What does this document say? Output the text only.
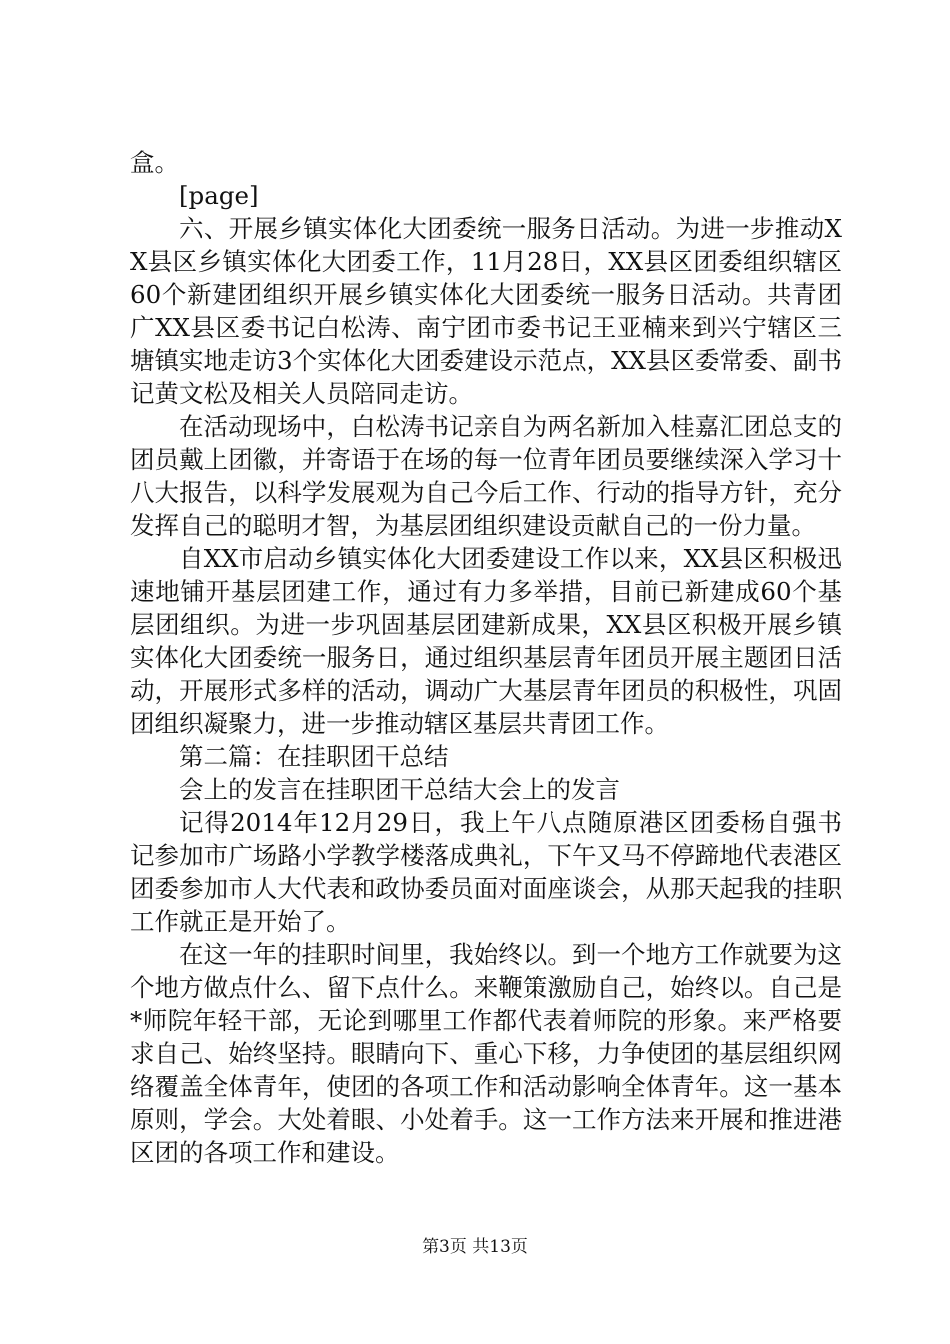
盒。

[page]

六、开展乡镇实体化大团委统一服务日活动。为进一步推动XX县区乡镇实体化大团委工作，11月28日，XX县区团委组织辖区60个新建团组织开展乡镇实体化大团委统一服务日活动。共青团广XX县区委书记白松涛、南宁团市委书记王亚楠来到兴宁辖区三塘镇实地走访3个实体化大团委建设示范点，XX县区委常委、副书记黄文松及相关人员陪同走访。

在活动现场中，白松涛书记亲自为两名新加入桂嘉汇团总支的团员戴上团徽，并寄语于在场的每一位青年团员要继续深入学习十八大报告，以科学发展观为自己今后工作、行动的指导方针，充分发挥自己的聪明才智，为基层团组织建设贡献自己的一份力量。

自XX市启动乡镇实体化大团委建设工作以来，XX县区积极迅速地铺开基层团建工作，通过有力多举措，目前已新建成60个基层团组织。为进一步巩固基层团建新成果，XX县区积极开展乡镇实体化大团委统一服务日，通过组织基层青年团员开展主题团日活动，开展形式多样的活动，调动广大基层青年团员的积极性，巩固团组织凝聚力，进一步推动辖区基层共青团工作。

第二篇：在挂职团干总结

会上的发言在挂职团干总结大会上的发言

记得2014年12月29日，我上午八点随原港区团委杨自强书记参加市广场路小学教学楼落成典礼，下午又马不停蹄地代表港区团委参加市人大代表和政协委员面对面座谈会，从那天起我的挂职工作就正是开始了。

在这一年的挂职时间里，我始终以。到一个地方工作就要为这个地方做点什么、留下点什么。来鞭策激励自己，始终以。自己是*师院年轻干部，无论到哪里工作都代表着师院的形象。来严格要求自己、始终坚持。眼睛向下、重心下移，力争使团的基层组织网络覆盖全体青年，使团的各项工作和活动影响全体青年。这一基本原则，学会。大处着眼、小处着手。这一工作方法来开展和推进港区团的各项工作和建设。

第3页 共13页
